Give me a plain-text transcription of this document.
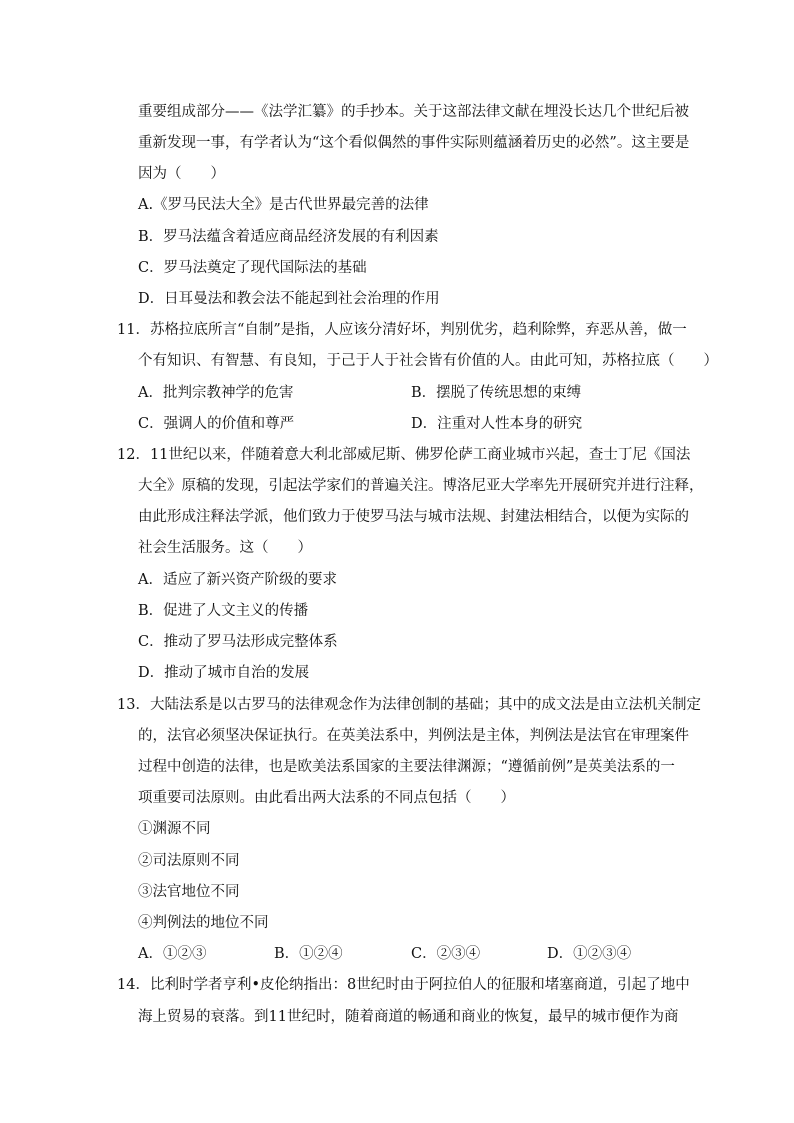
重要组成部分——《法学汇纂》的手抄本。关于这部法律文献在埋没长达几个世纪后被
重新发现一事，有学者认为“这个看似偶然的事件实际则蕴涵着历史的必然”。这主要是
因为（　　）
A.《罗马民法大全》是古代世界最完善的法律
B．罗马法蕴含着适应商品经济发展的有利因素
C．罗马法奠定了现代国际法的基础
D．日耳曼法和教会法不能起到社会治理的作用
11．苏格拉底所言“自制”是指，人应该分清好坏，判别优劣，趋利除弊，弃恶从善，做一
个有知识、有智慧、有良知，于己于人于社会皆有价值的人。由此可知，苏格拉底（　　）
A．批判宗教神学的危害	B．摆脱了传统思想的束缚
C．强调人的价值和尊严	D．注重对人性本身的研究
12．11世纪以来，伴随着意大利北部威尼斯、佛罗伦萨工商业城市兴起，查士丁尼《国法
大全》原稿的发现，引起法学家们的普遍关注。博洛尼亚大学率先开展研究并进行注释，
由此形成注释法学派，他们致力于使罗马法与城市法规、封建法相结合，以便为实际的
社会生活服务。这（　　）
A．适应了新兴资产阶级的要求
B．促进了人文主义的传播
C．推动了罗马法形成完整体系
D．推动了城市自治的发展
13．大陆法系是以古罗马的法律观念作为法律创制的基础；其中的成文法是由立法机关制定
的，法官必须坚决保证执行。在英美法系中，判例法是主体，判例法是法官在审理案件
过程中创造的法律，也是欧美法系国家的主要法律渊源；“遵循前例”是英美法系的一
项重要司法原则。由此看出两大法系的不同点包括（　　）
①渊源不同
②司法原则不同
③法官地位不同
④判例法的地位不同
A．①②③	B．①②④	C．②③④	D．①②③④
14．比利时学者亨利•皮伦纳指出：8世纪时由于阿拉伯人的征服和堵塞商道，引起了地中
海上贸易的衰落。到11世纪时，随着商道的畅通和商业的恢复，最早的城市便作为商
